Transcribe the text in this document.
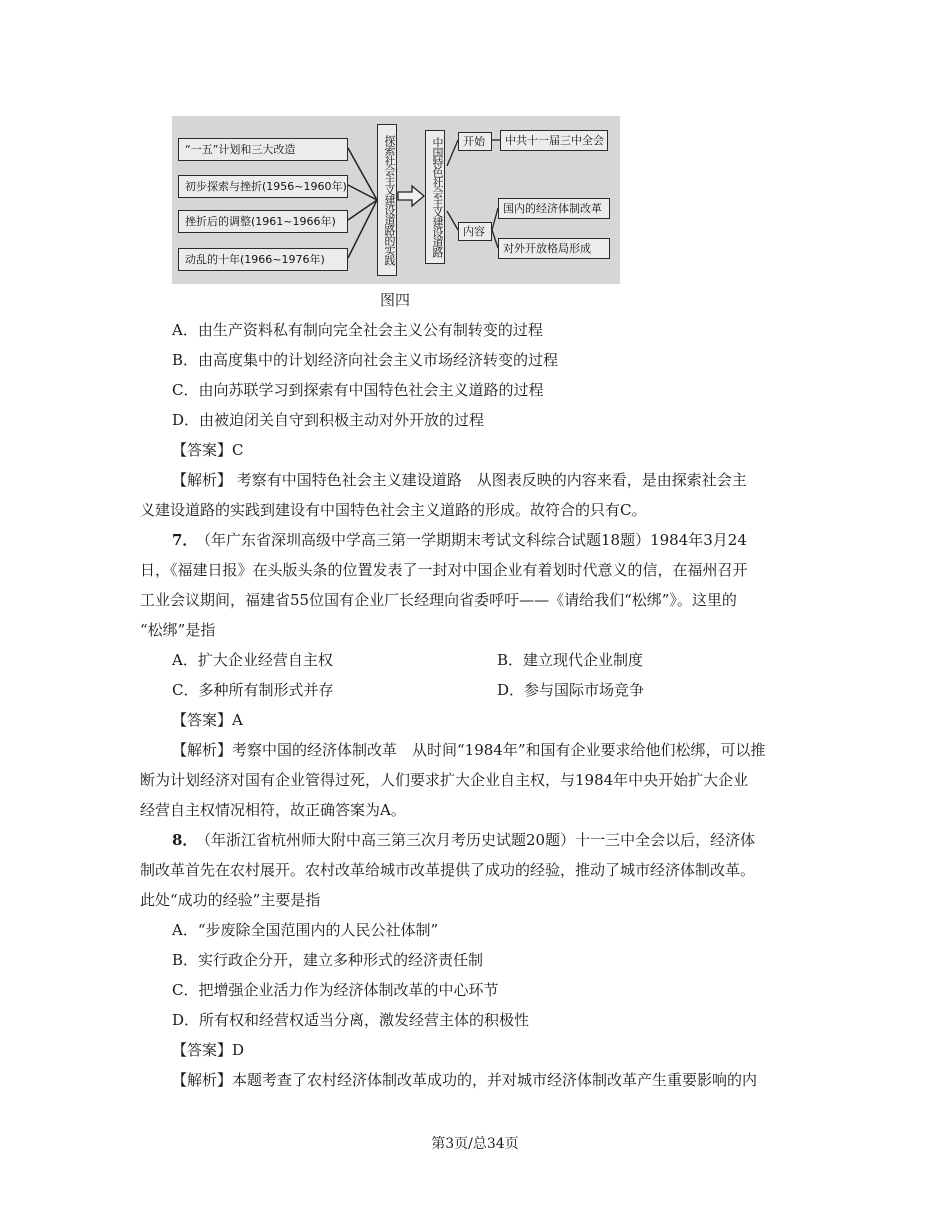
“一五”计划和三大改造
初步探索与挫折(1956~1960年)
挫折后的调整(1961~1966年)
动乱的十年(1966~1976年)	探索社会主义建设道路的实践	中国特色社会主义建设道路	开始	中共十一届三中全会
内容
国内的经济体制改革
对外开放格局形成
图四
A．由生产资料私有制向完全社会主义公有制转变的过程
B．由高度集中的计划经济向社会主义市场经济转变的过程
C．由向苏联学习到探索有中国特色社会主义道路的过程
D．由被迫闭关自守到积极主动对外开放的过程
【答案】C
【解析】 考察有中国特色社会主义建设道路　从图表反映的内容来看，是由探索社会主
义建设道路的实践到建设有中国特色社会主义道路的形成。故符合的只有C。
7．
（年广东省深圳高级中学高三第一学期期末考试文科综合试题18题）1984年3月24
日，《福建日报》在头版头条的位置发表了一封对中国企业有着划时代意义的信，在福州召开
工业会议期间，福建省55位国有企业厂长经理向省委呼吁——《请给我们“松绑”》。这里的
“松绑”是指
A．扩大企业经营自主权	B．建立现代企业制度
C．多种所有制形式并存	D．参与国际市场竞争
【答案】A
【解析】考察中国的经济体制改革　从时间“1984年”和国有企业要求给他们松绑，可以推
断为计划经济对国有企业管得过死，人们要求扩大企业自主权，与1984年中央开始扩大企业
经营自主权情况相符，故正确答案为A。
8．
（年浙江省杭州师大附中高三第三次月考历史试题20题）十一三中全会以后，经济体
制改革首先在农村展开。农村改革给城市改革提供了成功的经验，推动了城市经济体制改革。
此处“成功的经验”主要是指
A．“步废除全国范围内的人民公社体制”
B．实行政企分开，建立多种形式的经济责任制
C．把增强企业活力作为经济体制改革的中心环节
D．所有权和经营权适当分离，激发经营主体的积极性
【答案】D
【解析】本题考查了农村经济体制改革成功的，并对城市经济体制改革产生重要影响的内
第3页/总34页
